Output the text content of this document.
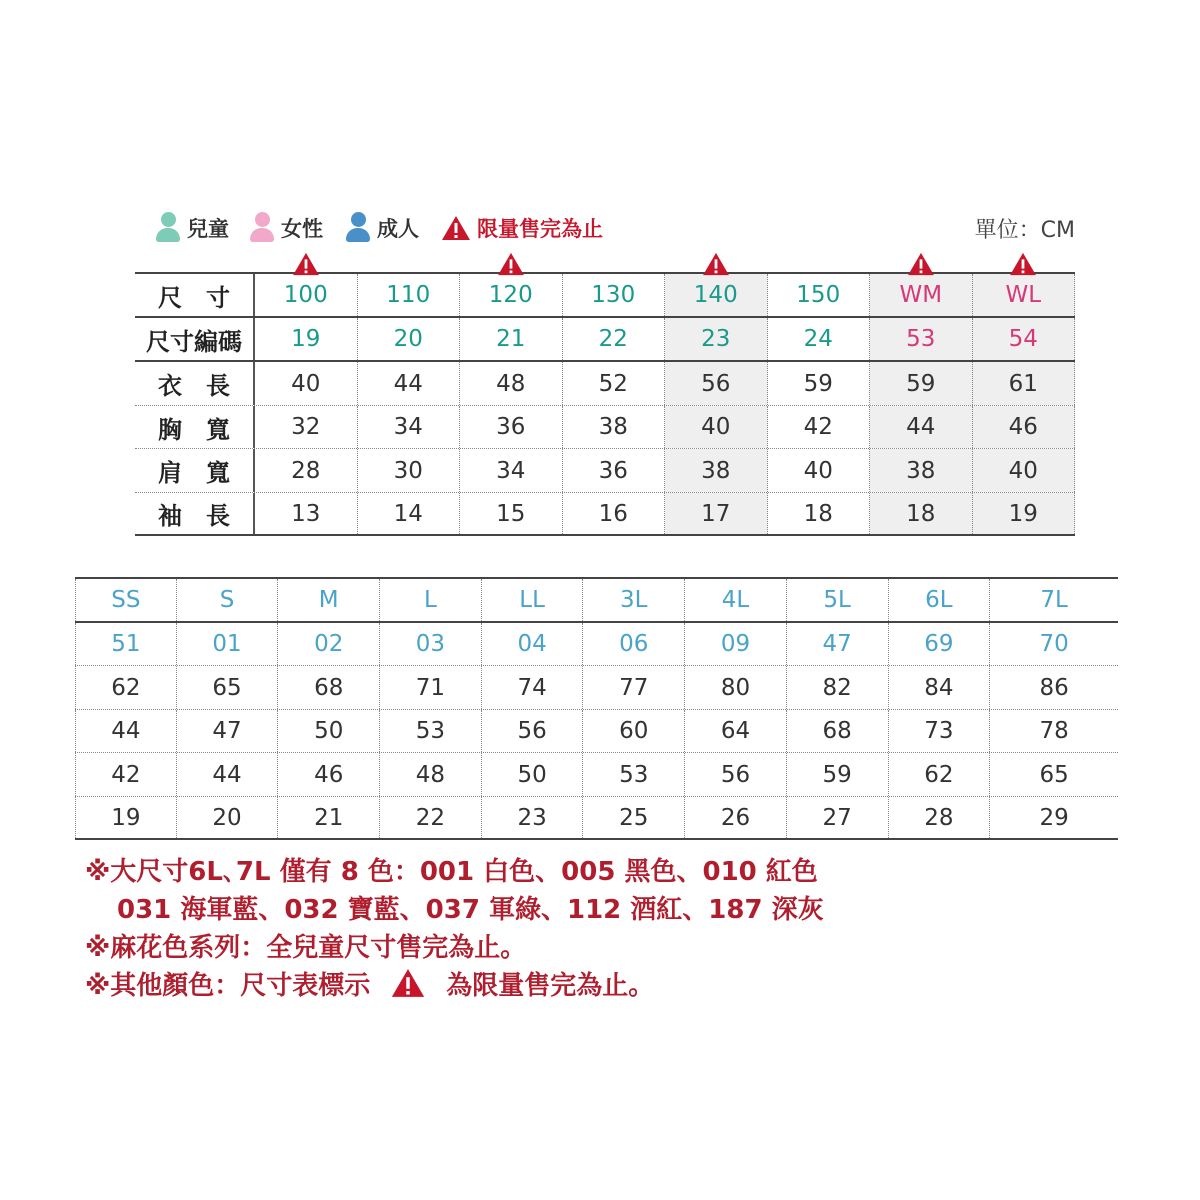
兒童 女性	成人	限量售完為止	單位：CM
尺　寸	100	110	120	130	140	150	WM	WL
尺寸編碼	19	20	21	22	23	24	53	54
衣　長	40	44	48	52	56	59	59	61
胸　寬	32	34	36	38	40	42	44	46
肩　寬	28	30	34	36	38	40	38	40
袖　長	13	14	15	16	17	18	18	19
SS	S	M	L	LL	3L	4L	5L	6L	7L
51	01	02	03	04	06	09	47	69	70
62	65	68	71	74	77	80	82	84	86
44	47	50	53	56	60	64	68	73	78
42	44	46	48	50	53	56	59	62	65
19	20	21	22	23	25	26	27	28	29
※大尺寸6L､7L 僅有 8 色：001 白色、005 黑色、010 紅色
031 海軍藍、032 寶藍、037 軍綠、112 酒紅、187 深灰
※麻花色系列：全兒童尺寸售完為止。
※其他顏色：尺寸表標示	為限量售完為止。
